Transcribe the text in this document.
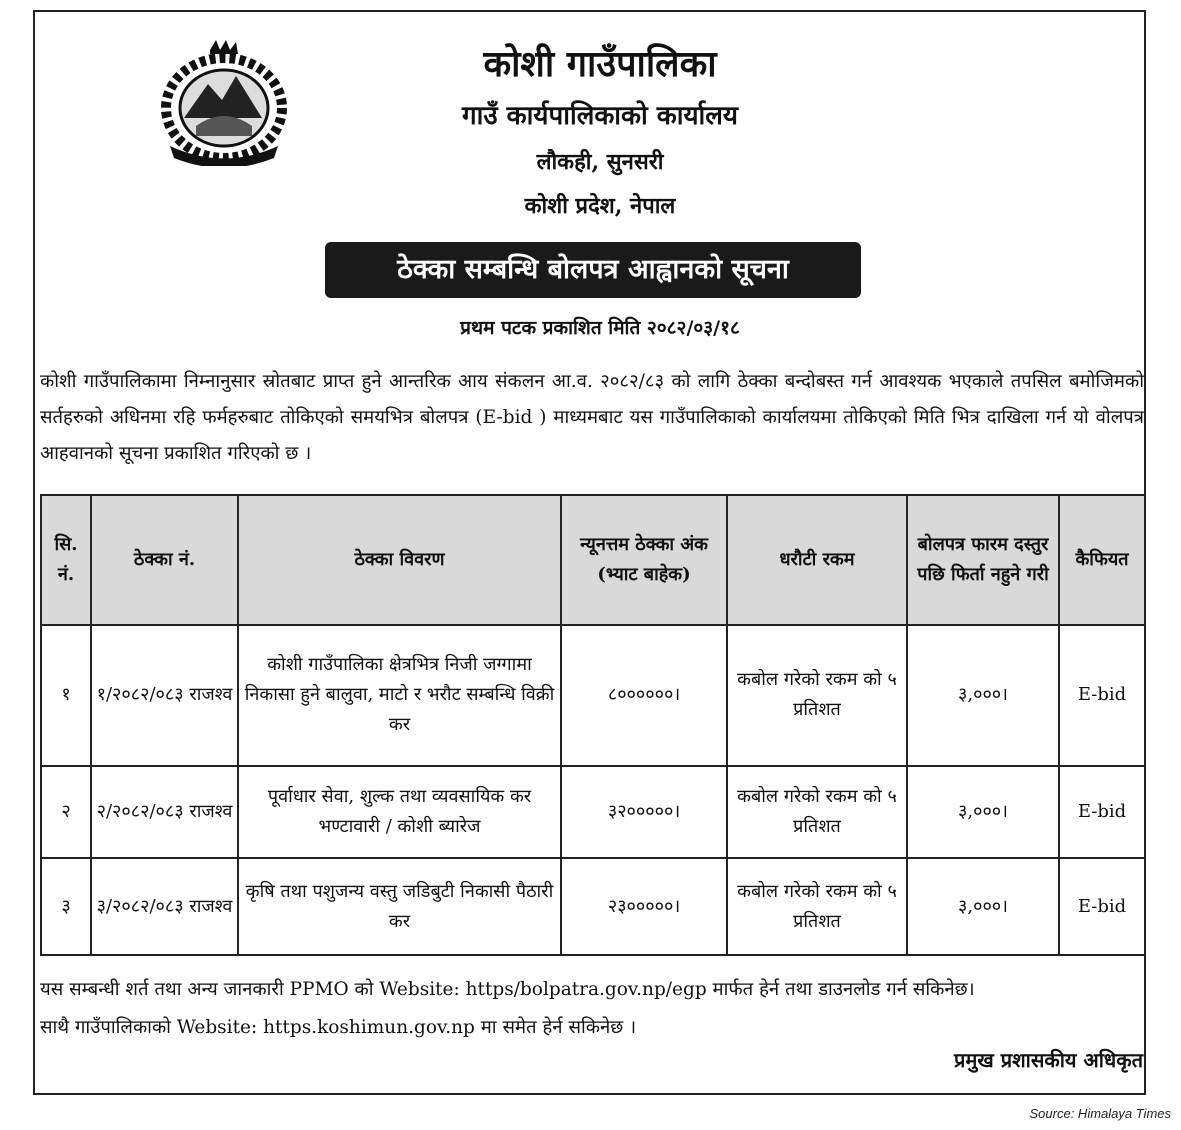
कोशी गाउँपालिका
गाउँ कार्यपालिकाको कार्यालय
लौकही, सुनसरी
कोशी प्रदेश, नेपाल
ठेक्का सम्बन्धि बोलपत्र आह्वानको सूचना
प्रथम पटक प्रकाशित मिति २०८२/०३/१८
कोशी गाउँपालिकामा निम्नानुसार स्रोतबाट प्राप्त हुने आन्तरिक आय संकलन आ.व. २०८२/८३ को लागि ठेक्का बन्दोबस्त गर्न आवश्यक भएकाले तपसिल बमोजिमको सर्तहरुको अधिनमा रहि फर्महरुबाट तोकिएको समयभित्र बोलपत्र (E-bid ) माध्यमबाट यस गाउँपालिकाको कार्यालयमा तोकिएको मिति भित्र दाखिला गर्न यो वोलपत्र आहवानको सूचना प्रकाशित गरिएको छ ।
सि. नं.	ठेक्का नं.	ठेक्का विवरण	न्यूनत्तम ठेक्का अंक (भ्याट बाहेक)	धरौटी रकम	बोलपत्र फारम दस्तुर पछि फिर्ता नहुने गरी	कैफियत
१	१/२०८२/०८३ राजश्व	कोशी गाउँपालिका क्षेत्रभित्र निजी जग्गामा निकासा हुने बालुवा, माटो र भरौट सम्बन्धि विक्री कर	८००००००।	कबोल गरेको रकम को ५ प्रतिशत	३,०००।	E-bid
२	२/२०८२/०८३ राजश्व	पूर्वाधार सेवा, शुल्क तथा व्यवसायिक कर भण्टावारी / कोशी ब्यारेज	३२०००००।	कबोल गरेको रकम को ५ प्रतिशत	३,०००।	E-bid
३	३/२०८२/०८३ राजश्व	कृषि तथा पशुजन्य वस्तु जडिबुटी निकासी पैठारी कर	२३०००००।	कबोल गरेको रकम को ५ प्रतिशत	३,०००।	E-bid
यस सम्बन्धी शर्त तथा अन्य जानकारी PPMO को Website: https/bolpatra.gov.np/egp मार्फत हेर्न तथा डाउनलोड गर्न सकिनेछ।
साथै गाउँपालिकाको Website: https.koshimun.gov.np मा समेत हेर्न सकिनेछ ।
प्रमुख प्रशासकीय अधिकृत
Source: Himalaya Times
